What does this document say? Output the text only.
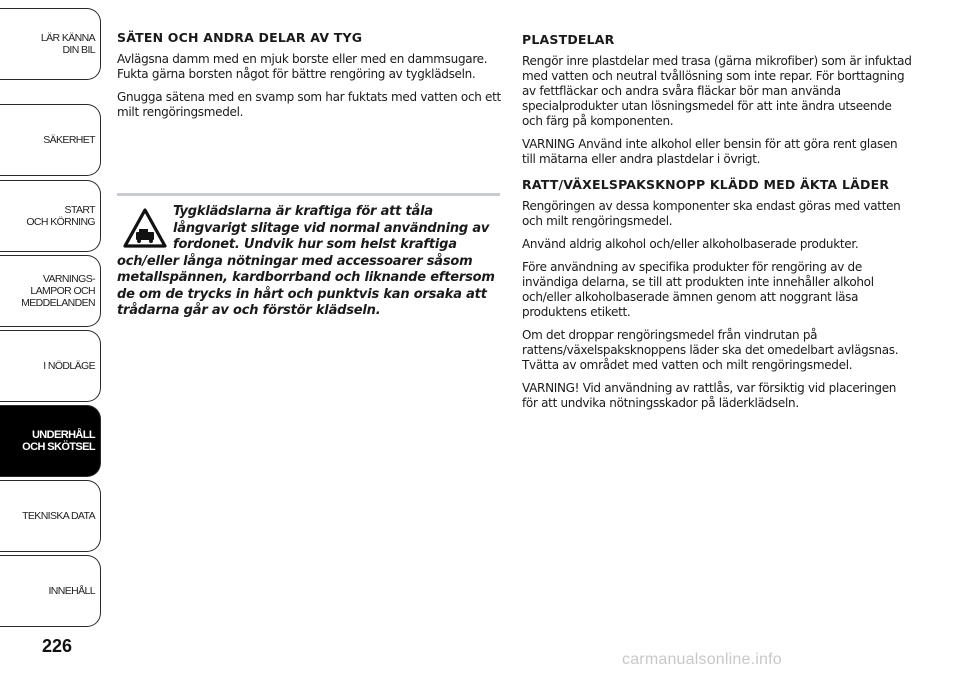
LÄR KÄNNA
DIN BIL
SÄKERHET
START
OCH KÖRNING
VARNINGS-
LAMPOR OCH
MEDDELANDEN
I NÖDLÄGE
UNDERHÅLL
OCH SKÖTSEL
TEKNISKA DATA
INNEHÅLL
226
SÄTEN OCH ANDRA DELAR AV TYG

Avlägsna damm med en mjuk borste eller med en dammsugare. Fukta gärna borsten något för bättre rengöring av tygklädseln.

Gnugga sätena med en svamp som har fuktats med vatten och ett milt rengöringsmedel.

Tygklädslarna är kraftiga för att tåla långvarigt slitage vid normal användning av fordonet. Undvik hur som helst kraftiga och/eller långa nötningar med accessoarer såsom metallspännen, kardborrband och liknande eftersom de om de trycks in hårt och punktvis kan orsaka att trådarna går av och förstör klädseln.

PLASTDELAR

Rengör inre plastdelar med trasa (gärna mikrofiber) som är infuktad med vatten och neutral tvållösning som inte repar. För borttagning av fettfläckar och andra svåra fläckar bör man använda specialprodukter utan lösningsmedel för att inte ändra utseende och färg på komponenten.

VARNING Använd inte alkohol eller bensin för att göra rent glasen till mätarna eller andra plastdelar i övrigt.

RATT/VÄXELSPAKSKNOPP KLÄDD MED ÄKTA LÄDER

Rengöringen av dessa komponenter ska endast göras med vatten och milt rengöringsmedel.

Använd aldrig alkohol och/eller alkoholbaserade produkter.

Före användning av specifika produkter för rengöring av de invändiga delarna, se till att produkten inte innehåller alkohol och/eller alkoholbaserade ämnen genom att noggrant läsa produktens etikett.

Om det droppar rengöringsmedel från vindrutan på rattens/växelspaksknoppens läder ska det omedelbart avlägsnas. Tvätta av området med vatten och milt rengöringsmedel.

VARNING! Vid användning av rattlås, var försiktig vid placeringen för att undvika nötningsskador på läderklädseln.

carmanualsonline.info
